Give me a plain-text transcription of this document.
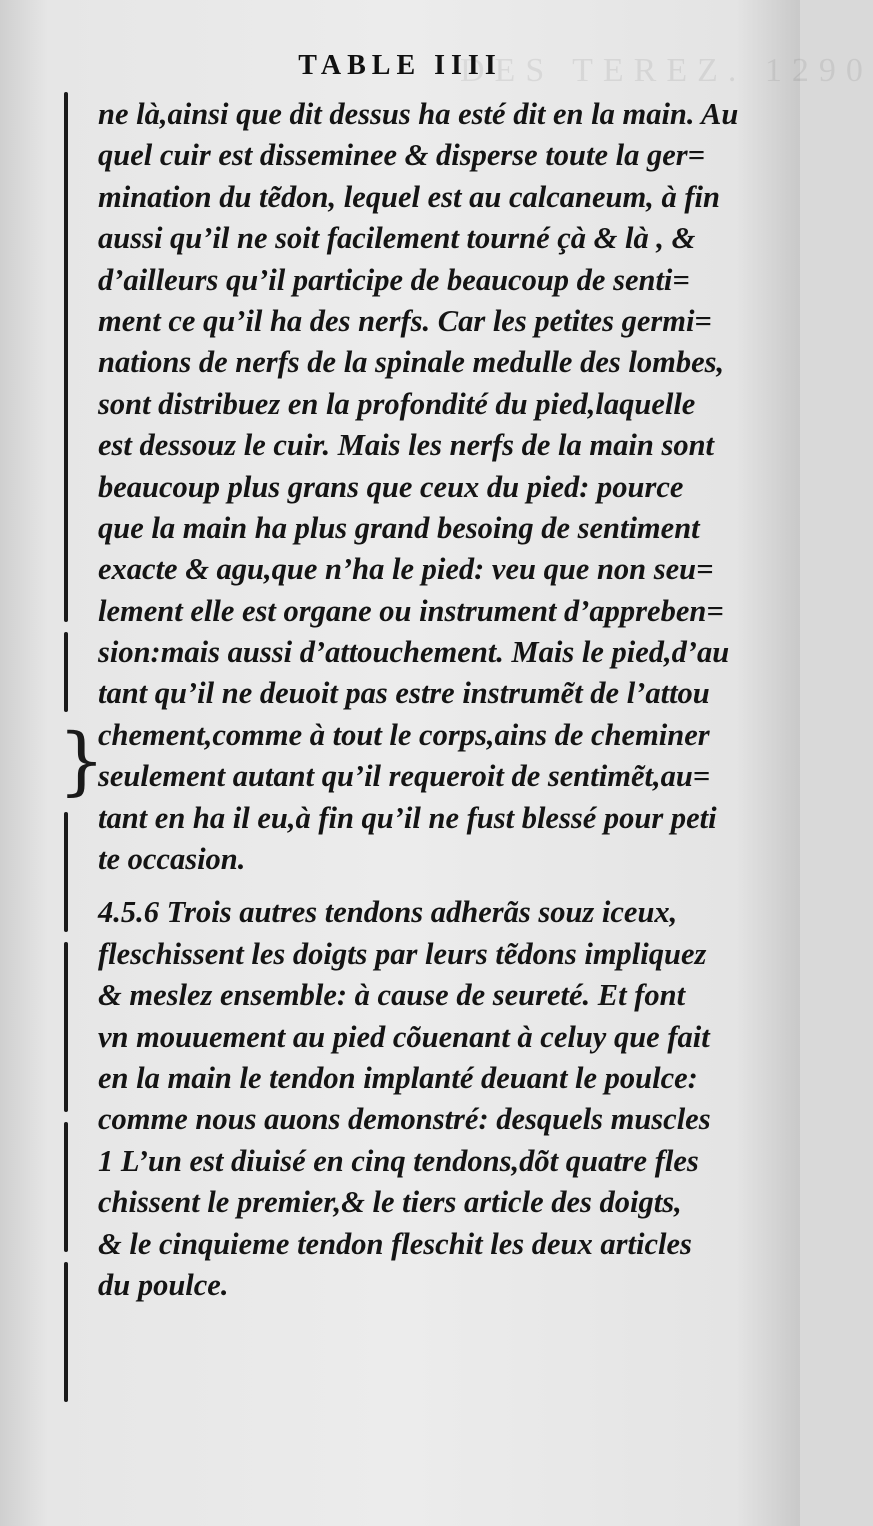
DES TEREZ. 1290
TABLE IIII
}
ne là,ainsi que dit dessus ha esté dit en la main. Au
quel cuir est disseminee & disperse toute la ger=
mination du tẽdon, lequel est au calcaneum, à fin
aussi qu’il ne soit facilement tourné çà & là , &
d’ailleurs qu’il participe de beaucoup de senti=
ment ce qu’il ha des nerfs. Car les petites germi=
nations de nerfs de la spinale medulle des lombes,
sont distribuez en la profondité du pied,laquelle
est dessouz le cuir. Mais les nerfs de la main sont
beaucoup plus grans que ceux du pied: pource
que la main ha plus grand besoing de sentiment
exacte & agu,que n’ha le pied: veu que non seu=
lement elle est organe ou instrument d’appreben=
sion:mais aussi d’attouchement. Mais le pied,d’au
tant qu’il ne deuoit pas estre instrumẽt de l’attou
chement,comme à tout le corps,ains de cheminer
seulement autant qu’il requeroit de sentimẽt,au=
tant en ha il eu,à fin qu’il ne fust blessé pour peti
te occasion.
4.5.6 Trois autres tendons adherãs souz iceux,
fleschissent les doigts par leurs tẽdons impliquez
& meslez ensemble: à cause de seureté. Et font
vn mouuement au pied cõuenant à celuy que fait
en la main le tendon implanté deuant le poulce:
comme nous auons demonstré: desquels muscles
1 L’un est diuisé en cinq tendons,dõt quatre fles
chissent le premier,& le tiers article des doigts,
& le cinquieme tendon fleschit les deux articles
du poulce.
